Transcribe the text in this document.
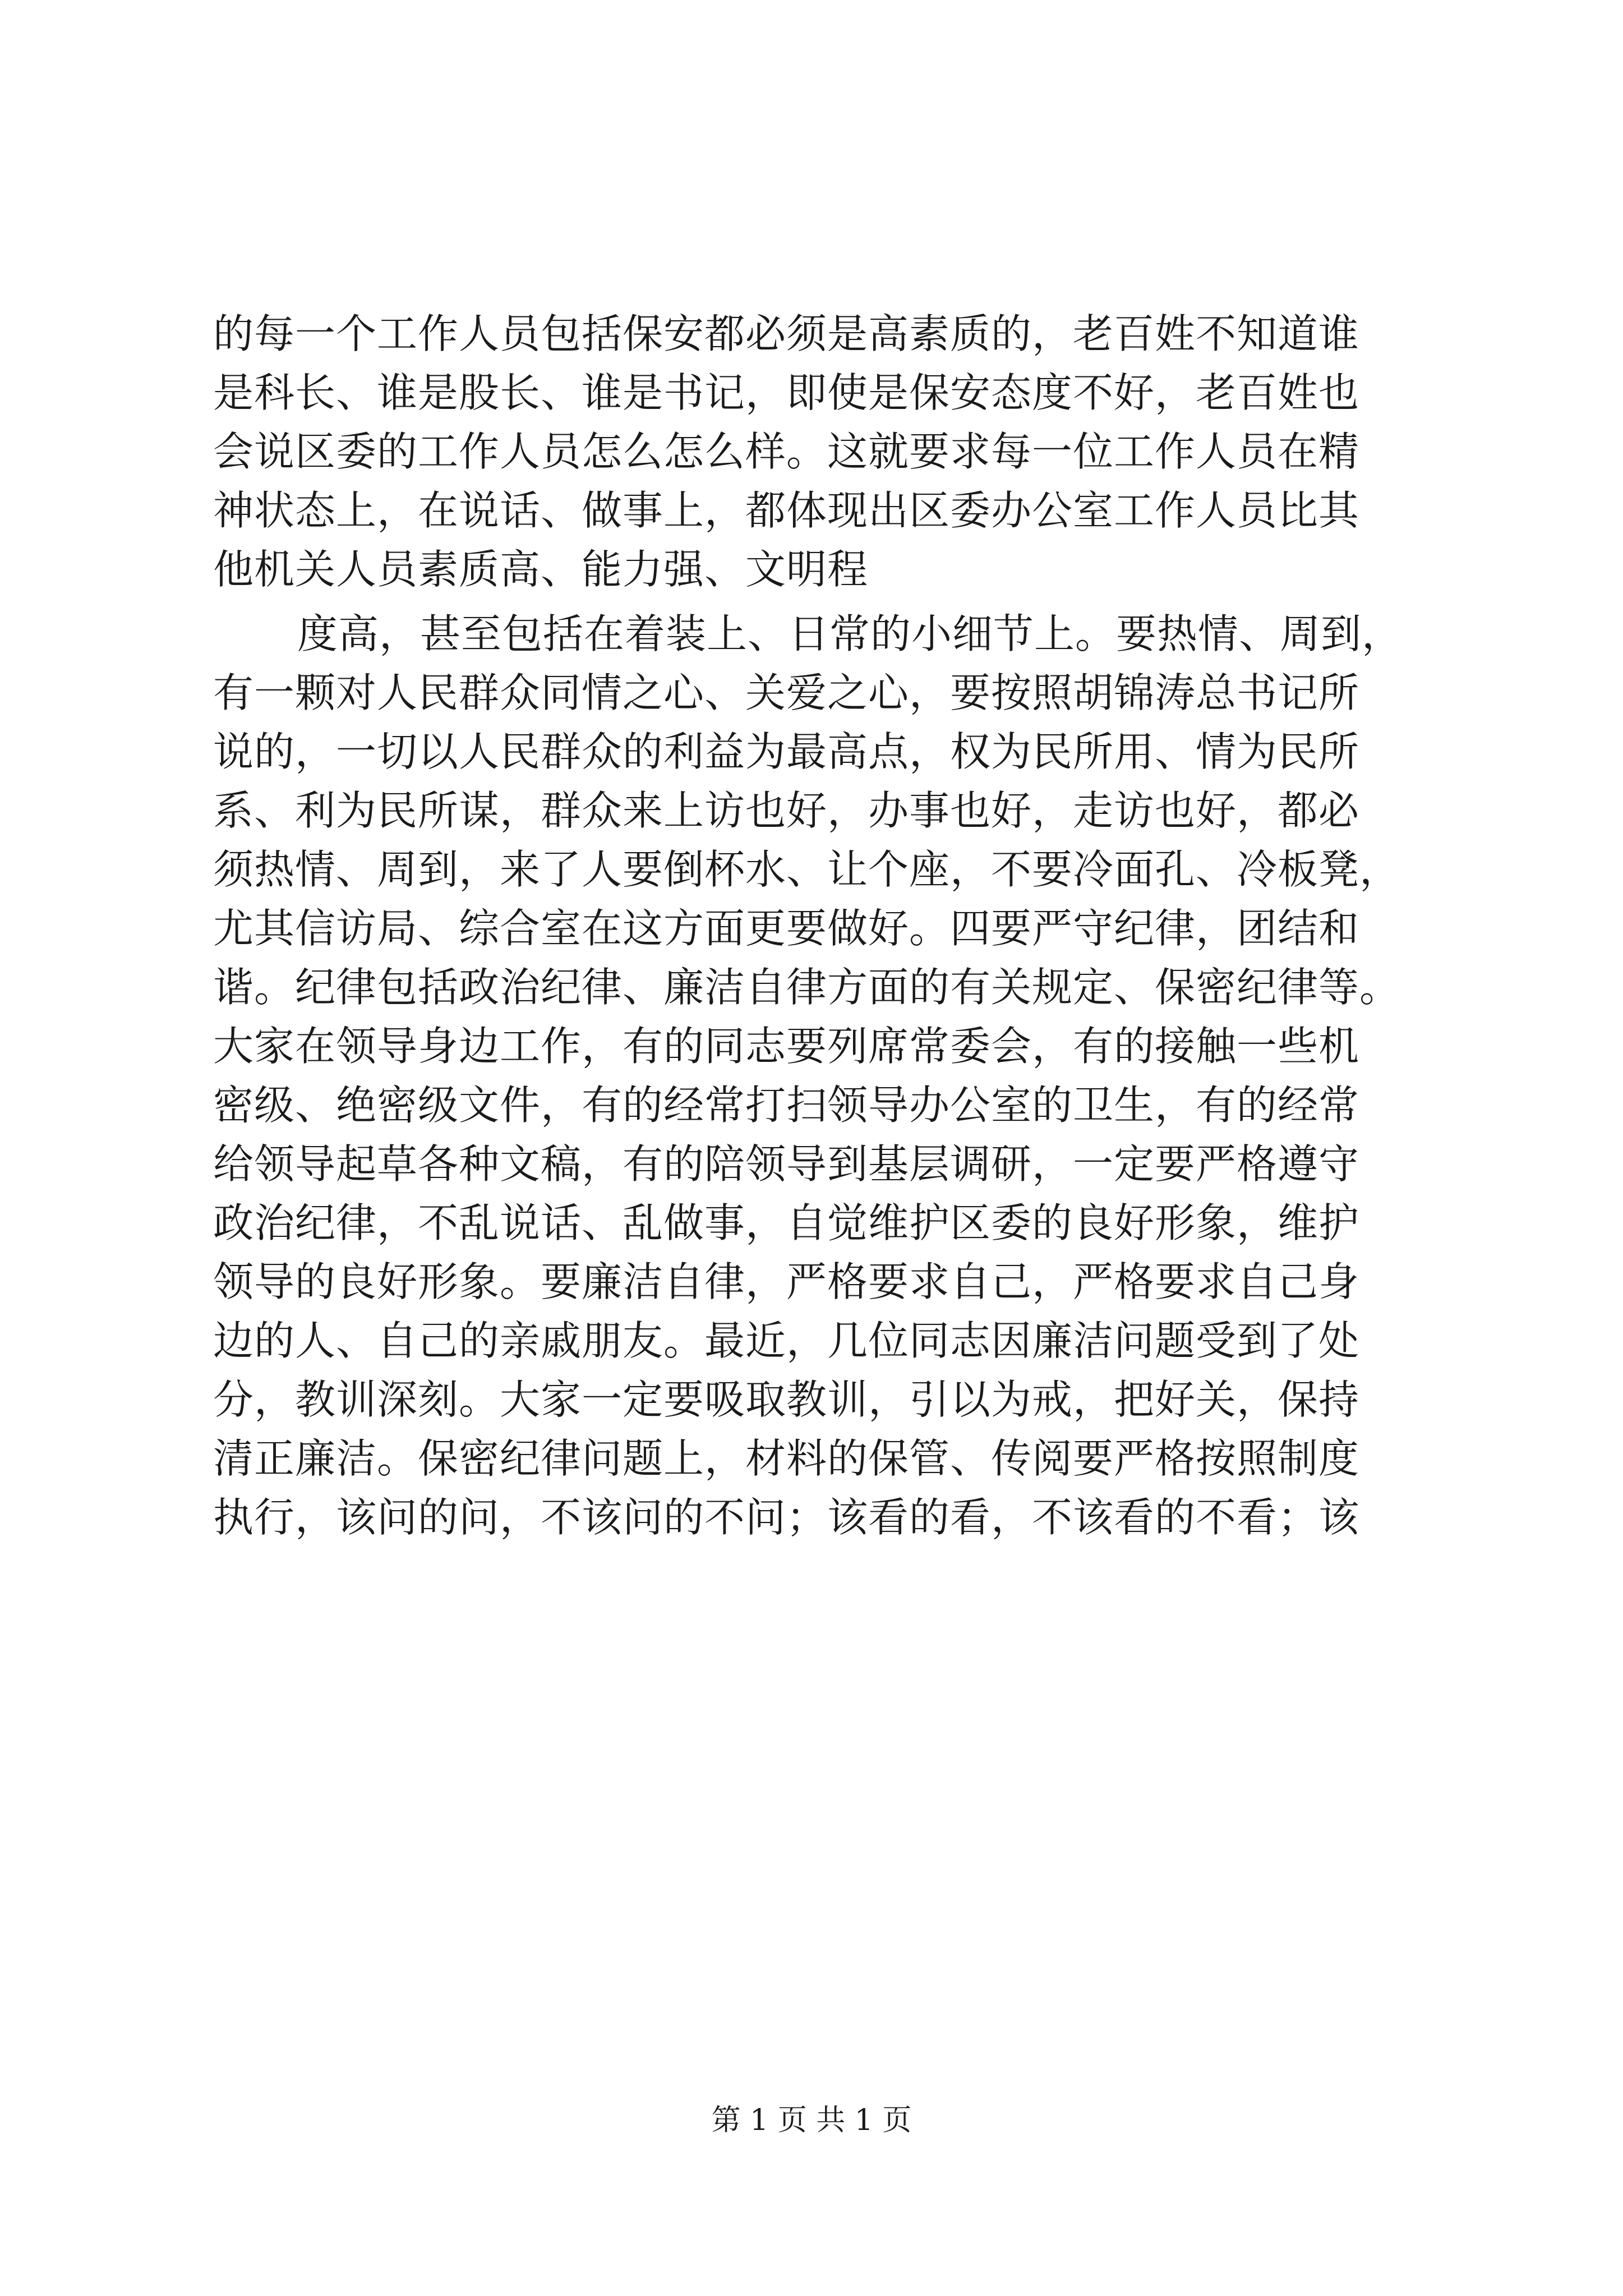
的每一个工作人员包括保安都必须是高素质的，老百姓不知道谁
是科长、谁是股长、谁是书记，即使是保安态度不好，老百姓也
会说区委的工作人员怎么怎么样。这就要求每一位工作人员在精
神状态上，在说话、做事上，都体现出区委办公室工作人员比其
他机关人员素质高、能力强、文明程
度高，甚至包括在着装上、日常的小细节上。要热情、周到，
有一颗对人民群众同情之心、关爱之心，要按照胡锦涛总书记所
说的，一切以人民群众的利益为最高点，权为民所用、情为民所
系、利为民所谋，群众来上访也好，办事也好，走访也好，都必
须热情、周到，来了人要倒杯水、让个座，不要冷面孔、冷板凳，
尤其信访局、综合室在这方面更要做好。四要严守纪律，团结和
谐。纪律包括政治纪律、廉洁自律方面的有关规定、保密纪律等。
大家在领导身边工作，有的同志要列席常委会，有的接触一些机
密级、绝密级文件，有的经常打扫领导办公室的卫生，有的经常
给领导起草各种文稿，有的陪领导到基层调研，一定要严格遵守
政治纪律，不乱说话、乱做事，自觉维护区委的良好形象，维护
领导的良好形象。要廉洁自律，严格要求自己，严格要求自己身
边的人、自己的亲戚朋友。最近，几位同志因廉洁问题受到了处
分，教训深刻。大家一定要吸取教训，引以为戒，把好关，保持
清正廉洁。保密纪律问题上，材料的保管、传阅要严格按照制度
执行，该问的问，不该问的不问；该看的看，不该看的不看；该
第 1 页 共 1 页
